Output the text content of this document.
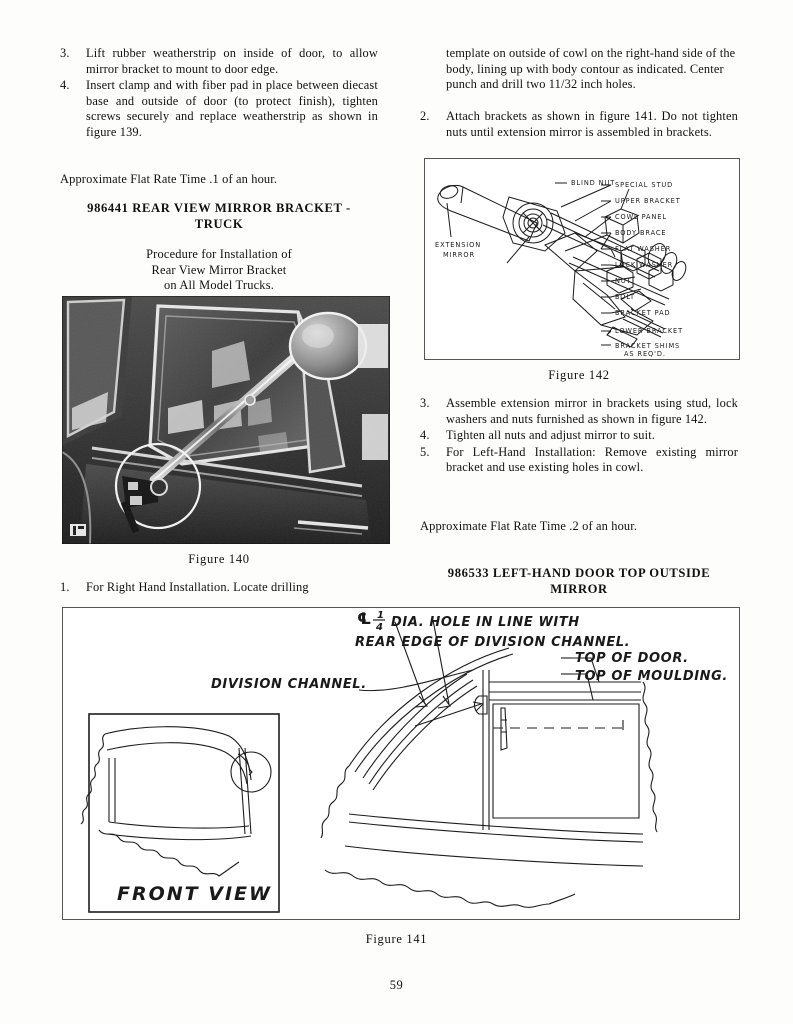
3.	Lift rubber weatherstrip on inside of door, to allow mirror bracket to mount to door edge.
4.	Insert clamp and with fiber pad in place between diecast base and outside of door (to protect finish), tighten screws securely and replace weatherstrip as shown in figure 139.
Approximate Flat Rate Time .1 of an hour.
986441 REAR VIEW MIRROR BRACKET -
TRUCK
Procedure for Installation of
Rear View Mirror Bracket
on All Model Trucks.
Figure 140
1.	For Right Hand Installation. Locate drilling
template on outside of cowl on the right-hand side of the body, lining up with body contour as indicated. Center punch and drill two 11/32 inch holes.
2.	Attach brackets as shown in figure 141. Do not tighten nuts until extension mirror is assembled in brackets.
SPECIAL STUD
UPPER BRACKET
COWL PANEL
BODY BRACE
FLAT WASHER
LOCK WASHER
NUT
BOLT
BRACKET PAD
LOWER BRACKET
BRACKET SHIMS
AS REQ'D.
BLIND NUT
EXTENSION
MIRROR
Figure 142
3.	Assemble extension mirror in brackets using stud, lock washers and nuts furnished as shown in figure 142.
4.	Tighten all nuts and adjust mirror to suit.
5.	For Left-Hand Installation: Remove existing mirror bracket and use existing holes in cowl.
Approximate Flat Rate Time .2 of an hour.
986533 LEFT-HAND DOOR TOP OUTSIDE
MIRROR
℄ 1
4 DIA. HOLE IN LINE WITH
REAR EDGE OF DIVISION CHANNEL.
DIVISION CHANNEL.
TOP OF DOOR.
TOP OF MOULDING.
FRONT VIEW
Figure 141
59
